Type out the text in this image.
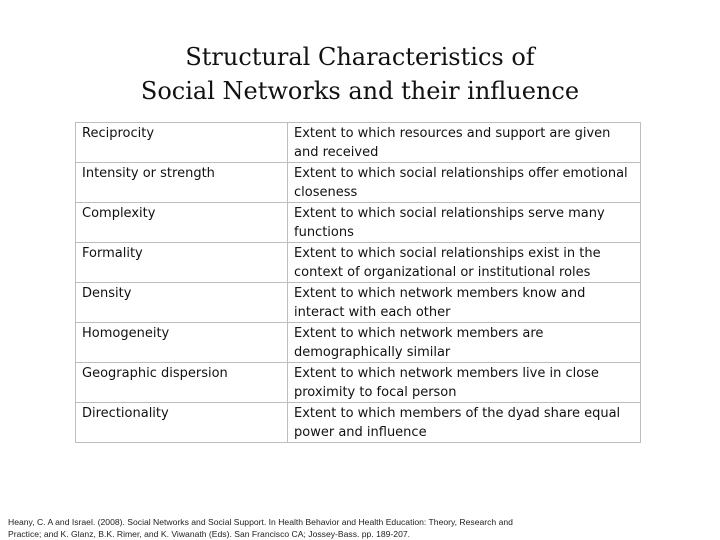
Structural Characteristics of
Social Networks and their influence
Reciprocity	Extent to which resources and support are given and received
Intensity or strength	Extent to which social relationships offer emotional closeness
Complexity	Extent to which social relationships serve many functions
Formality	Extent to which social relationships exist in the context of organizational or institutional roles
Density	Extent to which network members know and interact with each other
Homogeneity	Extent to which network members are demographically similar
Geographic dispersion	Extent to which network members live in close proximity to focal person
Directionality	Extent to which members of the dyad share equal power and influence
Heany, C. A and Israel. (2008). Social Networks and Social Support. In Health Behavior and Health Education: Theory, Research and
Practice; and K. Glanz, B.K. Rimer, and K. Viwanath (Eds). San Francisco CA; Jossey-Bass. pp. 189-207.
